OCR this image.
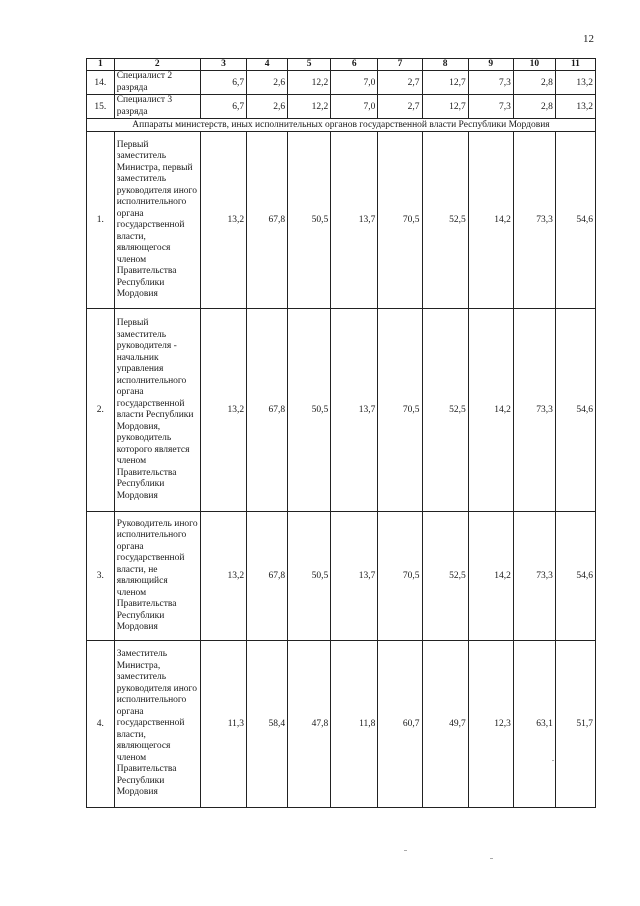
12
1	2	3	4	5	6	7	8	9	10	11
14.	Специалист 2 разряда	6,7	2,6	12,2	7,0	2,7	12,7	7,3	2,8	13,2
15.	Специалист 3 разряда	6,7	2,6	12,2	7,0	2,7	12,7	7,3	2,8	13,2
Аппараты министерств, иных исполнительных органов государственной власти Республики Мордовия										
1.	Первый заместитель Министра, первый заместитель руководителя иного исполнительного органа государственной власти, являющегося членом Правительства Республики Мордовия	13,2	67,8	50,5	13,7	70,5	52,5	14,2	73,3	54,6
2.	Первый заместитель руководителя - начальник управления исполнительного органа государственной власти Республики Мордовия, руководитель которого является членом Правительства Республики Мордовия	13,2	67,8	50,5	13,7	70,5	52,5	14,2	73,3	54,6
3.	Руководитель иного исполнительного органа государственной власти, не являющийся членом Правительства Республики Мордовия	13,2	67,8	50,5	13,7	70,5	52,5	14,2	73,3	54,6
4.	Заместитель Министра, заместитель руководителя иного исполнительного органа государственной власти, являющегося членом Правительства Республики Мордовия	11,3	58,4	47,8	11,8	60,7	49,7	12,3	63,1	51,7
